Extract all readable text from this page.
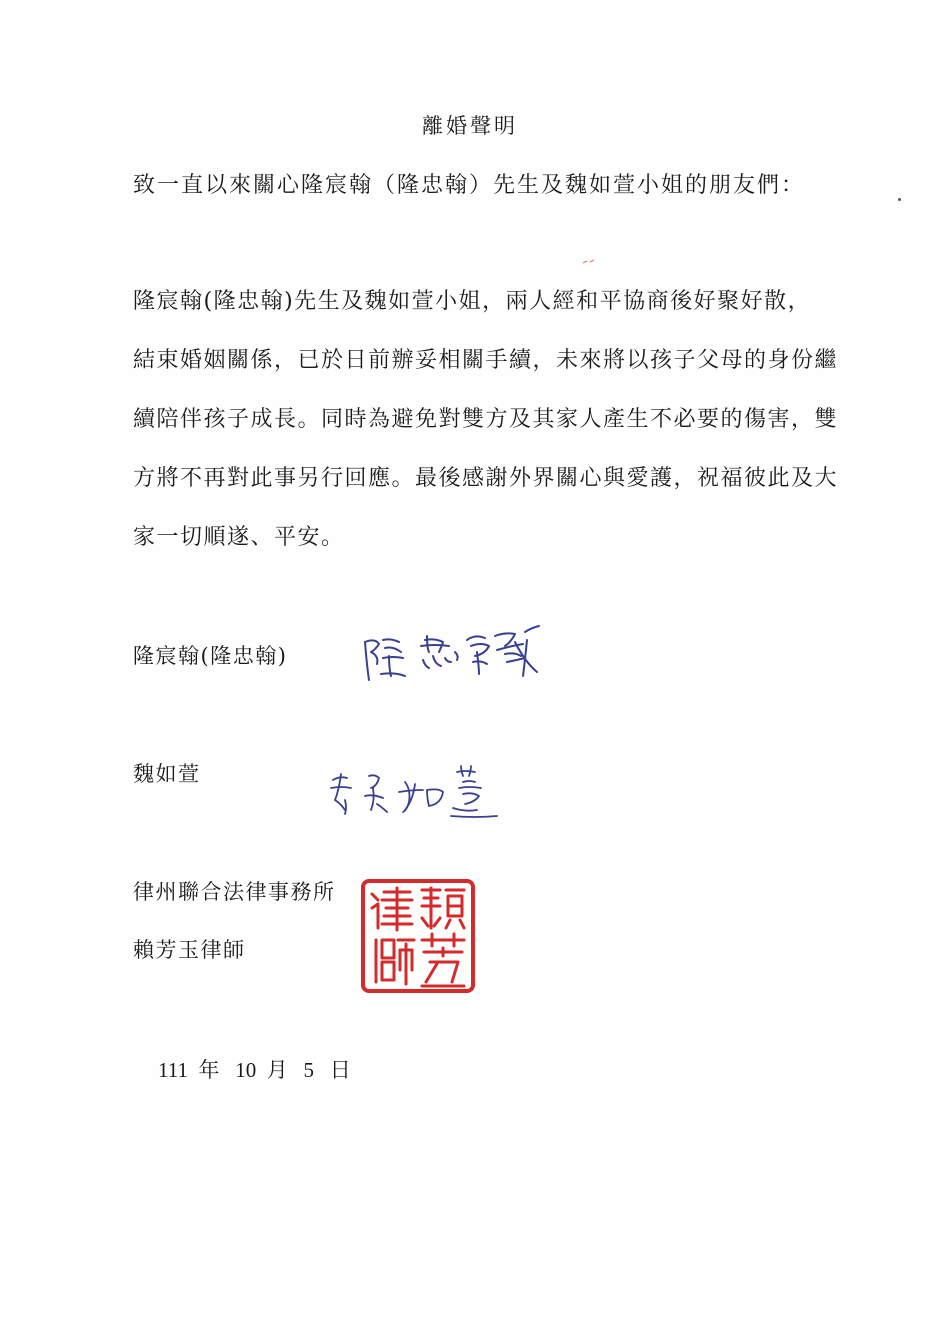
離婚聲明
致一直以來關心隆宸翰（隆忠翰）先生及魏如萱小姐的朋友們：
隆宸翰(隆忠翰)先生及魏如萱小姐，兩人經和平協商後好聚好散，
結束婚姻關係，已於日前辦妥相關手續，未來將以孩子父母的身份繼
續陪伴孩子成長。同時為避免對雙方及其家人產生不必要的傷害，雙
方將不再對此事另行回應。最後感謝外界關心與愛護，祝福彼此及大
家一切順遂、平安。
隆宸翰(隆忠翰)
魏如萱
律州聯合法律事務所
賴芳玉律師
111 年 10 月 5 日
